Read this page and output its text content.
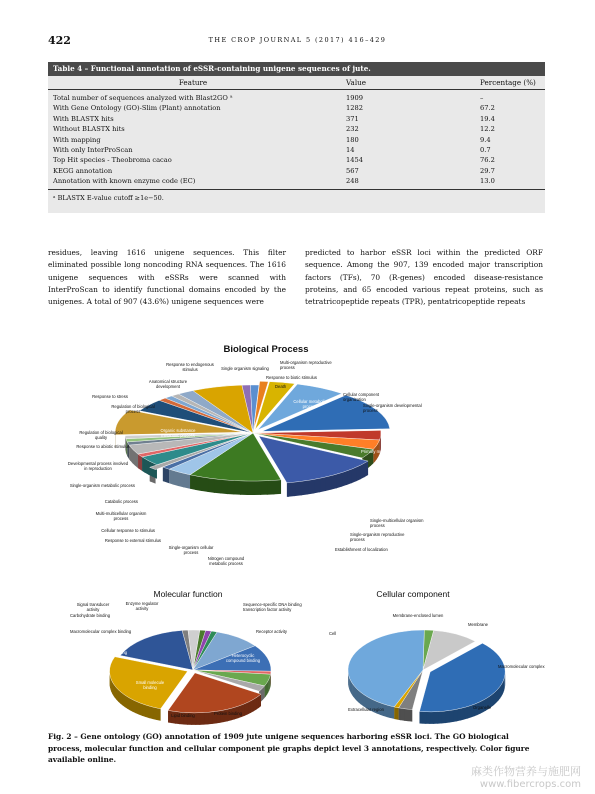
422	THE CROP JOURNAL 5 (2017) 416–429
Table 4 – Functional annotation of eSSR-containing unigene sequences of jute.
Feature	Value	Percentage (%)
Total number of sequences analyzed with Blast2GO ᵃ	1909	–
With Gene Ontology (GO)-Slim (Plant) annotation	1282	67.2
With BLASTX hits	371	19.4
Without BLASTX hits	232	12.2
With mapping	180	9.4
With only InterProScan	14	0.7
Top Hit species - Theobroma cacao	1454	76.2
KEGG annotation	567	29.7
Annotation with known enzyme code (EC)	248	13.0
ᵃ BLASTX E-value cutoff ≥1e−50.
residues, leaving 1616 unigene sequences. This filter eliminated possible long noncoding RNA sequences. The 1616 unigene sequences with eSSRs were scanned with InterProScan to identify functional domains encoded by the unigenes. A total of 907 (43.6%) unigene sequences were
predicted to harbor eSSR loci within the predicted ORF sequence. Among the 907, 139 encoded major transcription factors (TFs), 70 (R-genes) encoded disease-resistance proteins, and 65 encoded various repeat proteins, such as tetratricopeptide repeats (TPR), pentatricopeptide repeats
Biological Process
Multi-organism reproductive process
Response to biotic stimulus
Death
Cellular component organization
Single-organism developmental process
Primary metabolic process
Single-multicellular organism process
Single-organism reproductive process
Establishment of localization
Biosynthetic process
Nitrogen compound metabolic process
Single-organism cellular process
Response to external stimulus
Cellular response to stimulus
Multi-multicellular organism process
Catabolic process
Single-organism metabolic process
Developmental process involved in reproduction
Response to abiotic stimulus
Regulation of biological quality
Organic substance metabolic process
Regulation of biological process
Response to stress
Anatomical structure development
Response to endogenous stimulus	Single organism signaling
Cellular metabolic process
Molecular function
Signal transducer activity
Enzyme regulator activity
Carbohydrate binding
Hydrolase activity
Transferase activity
Sequence-specific DNA binding transcription factor activity
Receptor activity
Macromolecular complex binding
Organic cyclic compound binding
Heterocyclic compound binding
Small molecule binding
Lipid binding	Protein binding
Cellular component
Membrane-enclosed lumen
Membrane
Cell
Macromolecular complex
Extracellular region	Organelle
Fig. 2 – Gene ontology (GO) annotation of 1909 jute unigene sequences harboring eSSR loci. The GO biological process, molecular function and cellular component pie graphs depict level 3 annotations, respectively. Color figure available online.
麻类作物营养与施肥网
www.fibercrops.com
